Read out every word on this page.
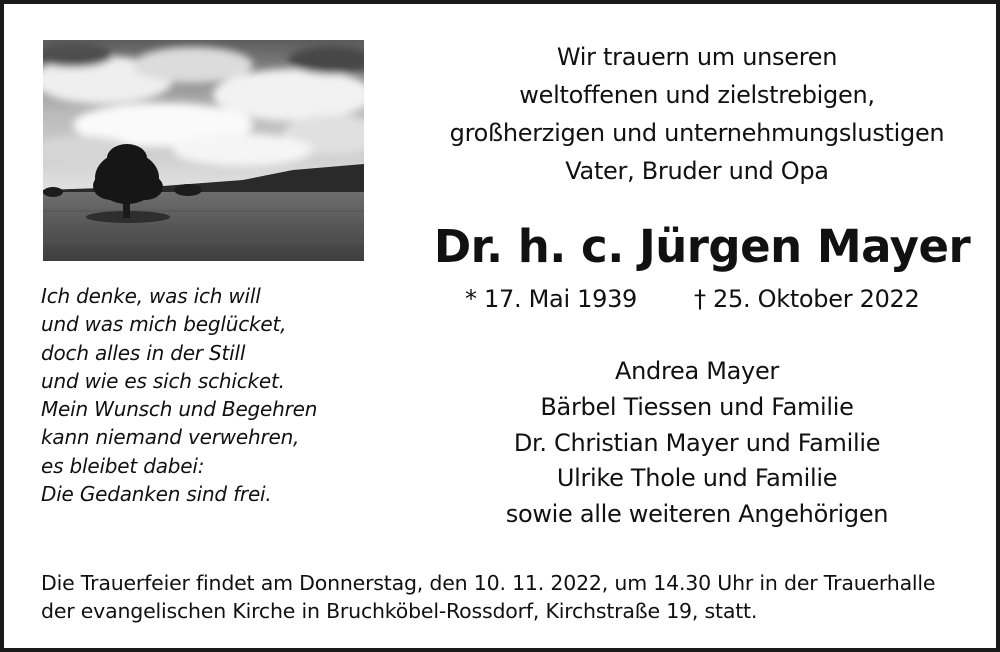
Wir trauern um unseren
weltoffenen und zielstrebigen,
großherzigen und unternehmungslustigen
Vater, Bruder und Opa
Dr. h. c. Jürgen Mayer
* 17. Mai 1939 † 25. Oktober 2022
Ich denke, was ich will
und was mich beglücket,
doch alles in der Still
und wie es sich schicket.
Mein Wunsch und Begehren
kann niemand verwehren,
es bleibet dabei:
Die Gedanken sind frei.
Andrea Mayer
Bärbel Tiessen und Familie
Dr. Christian Mayer und Familie
Ulrike Thole und Familie
sowie alle weiteren Angehörigen
Die Trauerfeier findet am Donnerstag, den 10. 11. 2022, um 14.30 Uhr in der Trauerhalle
der evangelischen Kirche in Bruchköbel-Rossdorf, Kirchstraße 19, statt.
